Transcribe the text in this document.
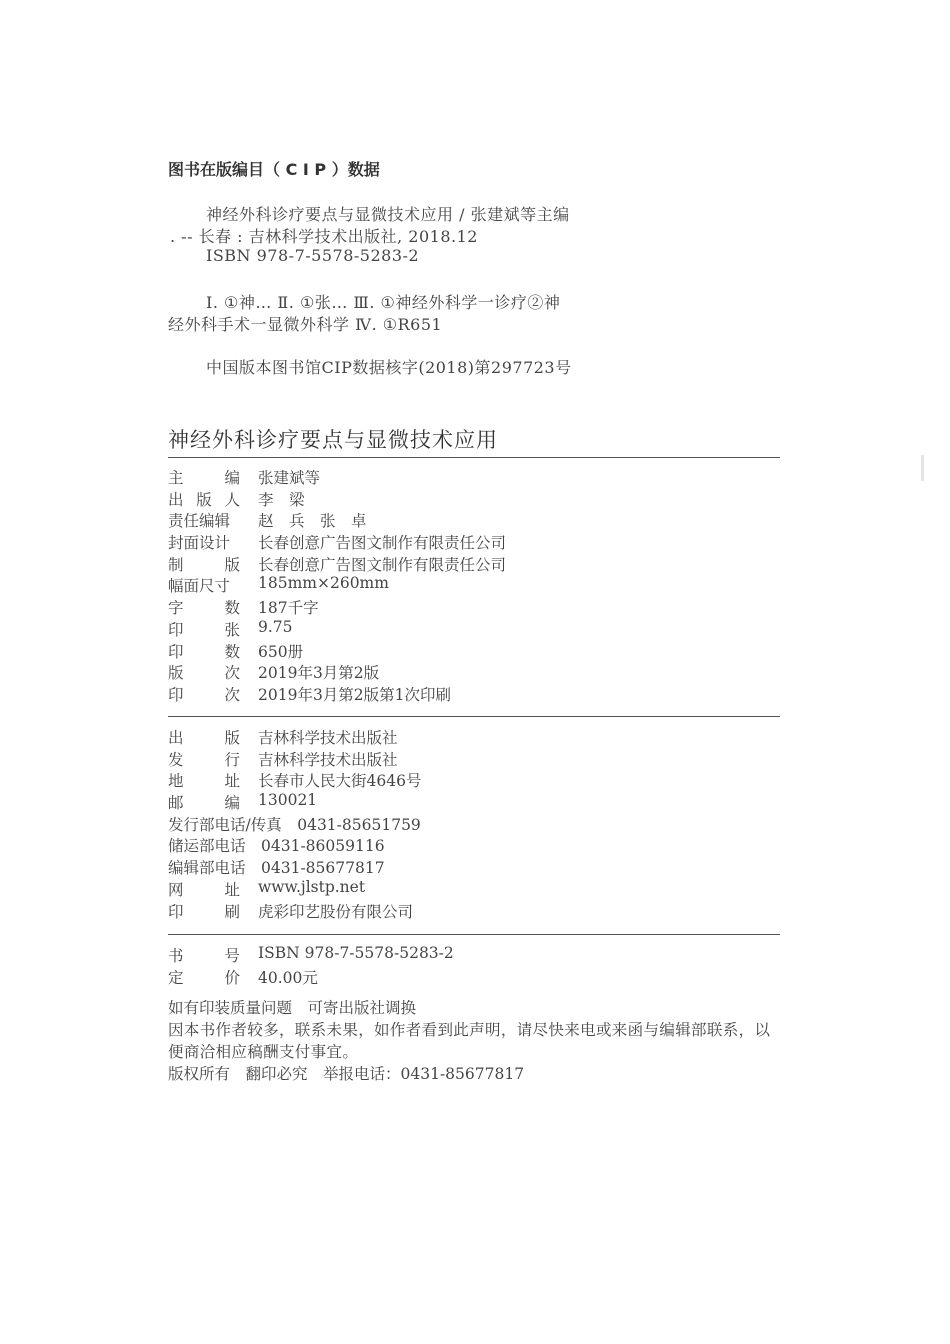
图书在版编目（ C I P ）数据
神经外科诊疗要点与显微技术应用 / 张建斌等主编
. -- 长春 : 吉林科学技术出版社, 2018.12
ISBN 978-7-5578-5283-2
Ⅰ. ①神… Ⅱ. ①张… Ⅲ. ①神经外科学一诊疗②神
经外科手术一显微外科学 Ⅳ. ①R651
中国版本图书馆CIP数据核字(2018)第297723号
神经外科诊疗要点与显微技术应用
主	编 张建斌等
出 版 人 李　梁
责任编辑	赵　兵　张　卓
封面设计	长春创意广告图文制作有限责任公司
制	版 长春创意广告图文制作有限责任公司
幅面尺寸	185mm×260mm
字	数 187千字
印	张 9.75
印	数 650册
版	次 2019年3月第2版
印	次 2019年3月第2版第1次印刷
出	版 吉林科学技术出版社
发	行 吉林科学技术出版社
地	址 长春市人民大街4646号
邮	编 130021
发行部电话/传真　0431-85651759
储运部电话　0431-86059116
编辑部电话　0431-85677817
网	址 www.jlstp.net
印	刷 虎彩印艺股份有限公司
书	号 ISBN 978-7-5578-5283-2
定	价 40.00元
如有印装质量问题　可寄出版社调换
因本书作者较多，联系未果，如作者看到此声明，请尽快来电或来函与编辑部联系，以便商洽相应稿酬支付事宜。
版权所有　翻印必究　举报电话：0431-85677817
